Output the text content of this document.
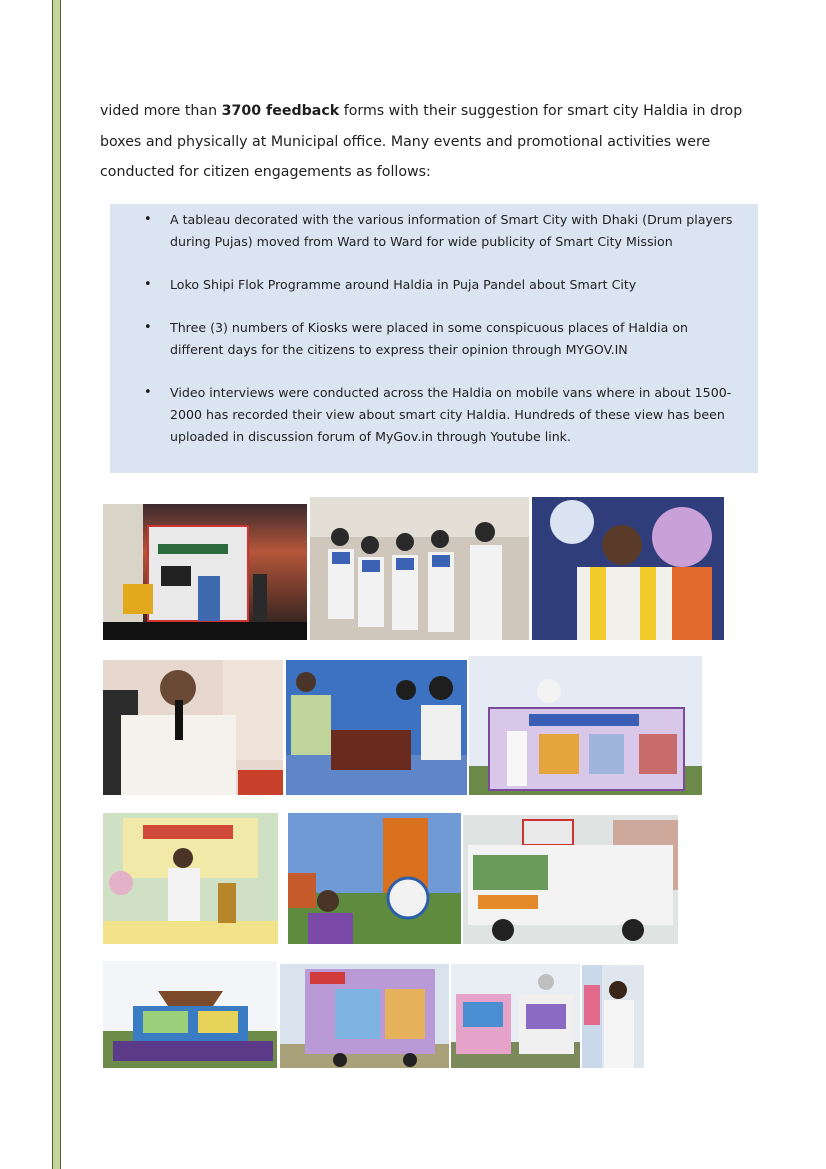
vided more than 3700 feedback forms with their suggestion for smart city Haldia in drop boxes and physically at Municipal office. Many events and promotional activities were conducted for citizen engagements as follows:

• A tableau decorated with the various information of Smart City with Dhaki (Drum players during Pujas) moved from Ward to Ward for wide publicity of Smart City Mission
• Loko Shipi Flok Programme around Haldia in Puja Pandel about Smart City
• Three (3) numbers of Kiosks were placed in some conspicuous places of Haldia on different days for the citizens to express their opinion through MYGOV.IN
• Video interviews were conducted across the Haldia on mobile vans where in about 1500-2000 has recorded their view about smart city Haldia. Hundreds of these view has been uploaded in discussion forum of MyGov.in through Youtube link.
